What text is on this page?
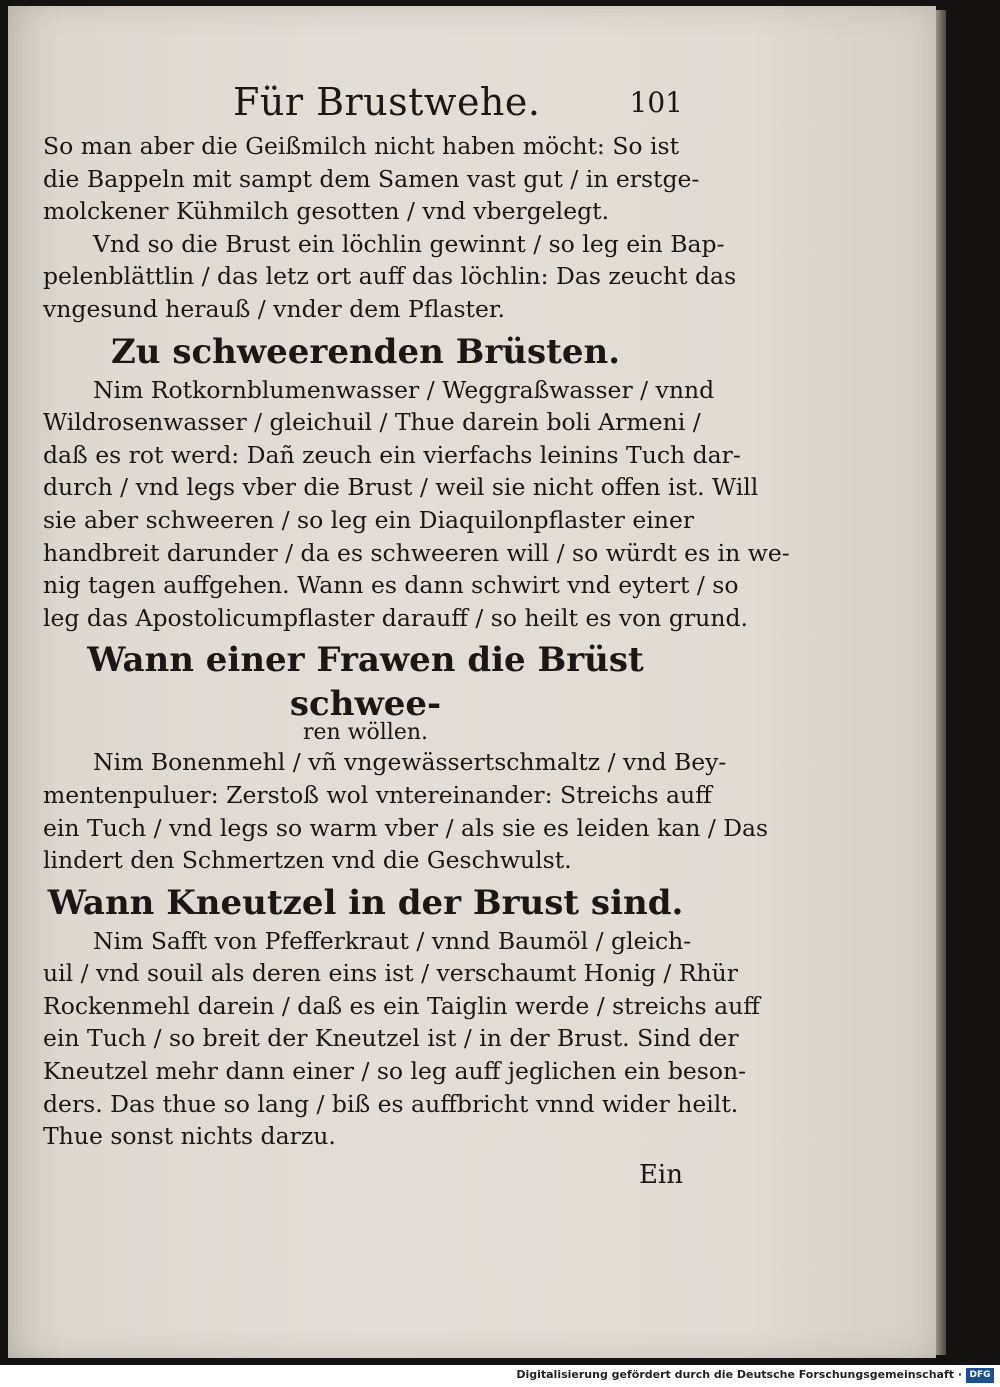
Für Brustwehe.	101

So man aber die Geißmilch nicht haben möcht: So ist
die Bappeln mit sampt dem Samen vast gut / in erstge-
molckener Kühmilch gesotten / vnd vbergelegt.
Vnd so die Brust ein löchlin gewinnt / so leg ein Bap-
pelenblättlin / das letz ort auff das löchlin: Das zeucht das
vngesund herauß / vnder dem Pflaster.

Zu schweerenden Brüsten.

Nim Rotkornblumenwasser / Weggraßwasser / vnnd
Wildrosenwasser / gleichuil / Thue darein boli Armeni /
daß es rot werd: Dañ zeuch ein vierfachs leinins Tuch dar-
durch / vnd legs vber die Brust / weil sie nicht offen ist. Will
sie aber schweeren / so leg ein Diaquilonpflaster einer
handbreit darunder / da es schweeren will / so würdt es in we-
nig tagen auffgehen. Wann es dann schwirt vnd eytert / so
leg das Apostolicumpflaster darauff / so heilt es von grund.

Wann einer Frawen die Brüst schwee-
ren wöllen.

Nim Bonenmehl / vñ vngewässertschmaltz / vnd Bey-
mentenpuluer: Zerstoß wol vntereinander: Streichs auff
ein Tuch / vnd legs so warm vber / als sie es leiden kan / Das
lindert den Schmertzen vnd die Geschwulst.

Wann Kneutzel in der Brust sind.

Nim Safft von Pfefferkraut / vnnd Baumöl / gleich-
uil / vnd souil als deren eins ist / verschaumt Honig / Rhür
Rockenmehl darein / daß es ein Taiglin werde / streichs auff
ein Tuch / so breit der Kneutzel ist / in der Brust. Sind der
Kneutzel mehr dann einer / so leg auff jeglichen ein beson-
ders. Das thue so lang / biß es auffbricht vnnd wider heilt.
Thue sonst nichts darzu.

Ein
Digitalisierung gefördert durch die Deutsche Forschungsgemeinschaft · DFG
